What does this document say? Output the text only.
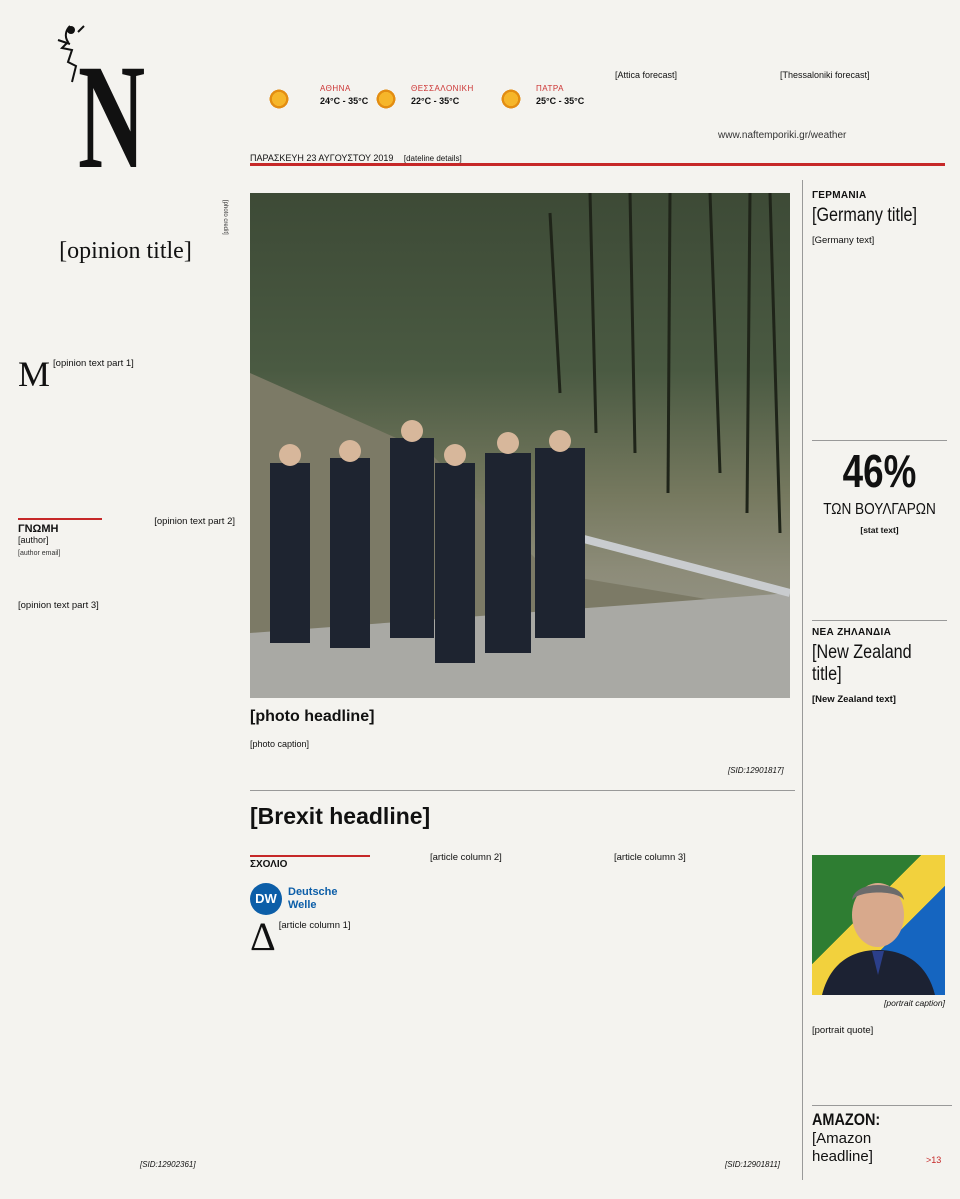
N	ΑΘΗΝΑ
24°C - 35°C
ΘΕΣΣΑΛΟΝΙΚΗ
22°C - 35°C
ΠΑΤΡΑ
25°C - 35°C
[Attica forecast]	[Thessaloniki forecast]
www.naftemporiki.gr/weather
ΠΑΡΑΣΚΕΥΗ 23 ΑΥΓΟΥΣΤΟΥ 2019 [dateline details]
[opinion title]
Μ [opinion text part 1]
ΓΝΩΜΗ
[author]
[author email]
[opinion text part 2]
[opinion text part 3]
[SID:12902361]
[photo credit]
[photo headline]
[photo caption]
[SID:12901817]
[Brexit headline]
ΣΧΟΛΙΟ
DW	Deutsche
Welle
Δ [article column 1]
[article column 2]	[article column 3]
[SID:12901811]
ΓΕΡΜΑΝΙΑ
[Germany title]
[Germany text]
46%
ΤΩΝ ΒΟΥΛΓΑΡΩΝ
[stat text]
ΝΕΑ ΖΗΛΑΝΔΙΑ
[New Zealand title]
[New Zealand text]
[portrait caption]
[portrait quote]
AMAZON:
[Amazon headline]	>13
